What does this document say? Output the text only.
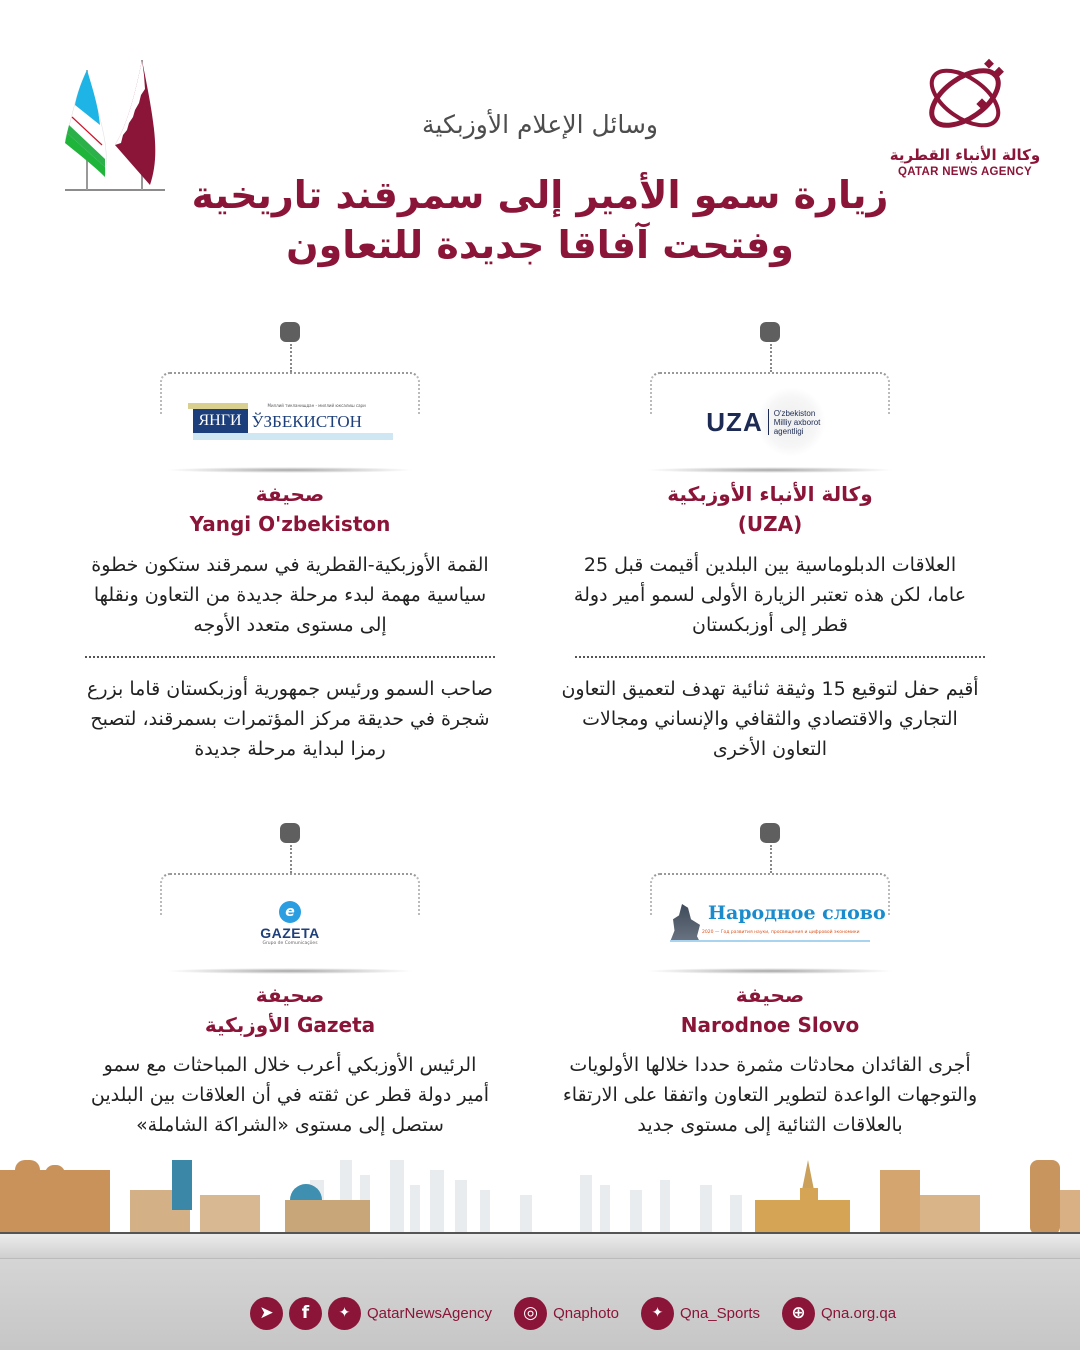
وكالة الأنباء القطرية
QATAR NEWS AGENCY
وسائل الإعلام الأوزبكية
زيارة سمو الأمير إلى سمرقند تاريخية
وفتحت آفاقا جديدة للتعاون
UZA O'zbekiston Milliy axborot agentligi
وكالة الأنباء الأوزبكية
(UZA)
العلاقات الدبلوماسية بين البلدين أقيمت قبل 25 عاما، لكن هذه تعتبر الزيارة الأولى لسمو أمير دولة قطر إلى أوزبكستان
أقيم حفل لتوقيع 15 وثيقة ثنائية تهدف لتعميق التعاون التجاري والاقتصادي والثقافي والإنساني ومجالات التعاون الأخرى
ЯНГИ ЎЗБЕКИСТОН
Миллий тикланишдан - миллий юксалиш сари
صحيفة
Yangi O'zbekiston
القمة الأوزبكية-القطرية في سمرقند ستكون خطوة سياسية مهمة لبدء مرحلة جديدة من التعاون ونقلها إلى مستوى متعدد الأوجه
صاحب السمو ورئيس جمهورية أوزبكستان قاما بزرع شجرة في حديقة مركز المؤتمرات بسمرقند، لتصبح رمزا لبداية مرحلة جديدة
Народное слово
2020 — Год развития науки, просвещения и цифровой экономики
صحيفة
Narodnoe Slovo
أجرى القائدان محادثات مثمرة حددا خلالها الأولويات والتوجهات الواعدة لتطوير التعاون واتفقا على الارتقاء بالعلاقات الثنائية إلى مستوى جديد
e
GAZETA
Grupo de Comunicações
صحيفة
Gazeta الأوزبكية
الرئيس الأوزبكي أعرب خلال المباحثات مع سمو أمير دولة قطر عن ثقته في أن العلاقات بين البلدين ستصل إلى مستوى «الشراكة الشاملة»
➤	f	✦	QatarNewsAgency	◎	Qnaphoto	✦	Qna_Sports	⊕	Qna.org.qa
